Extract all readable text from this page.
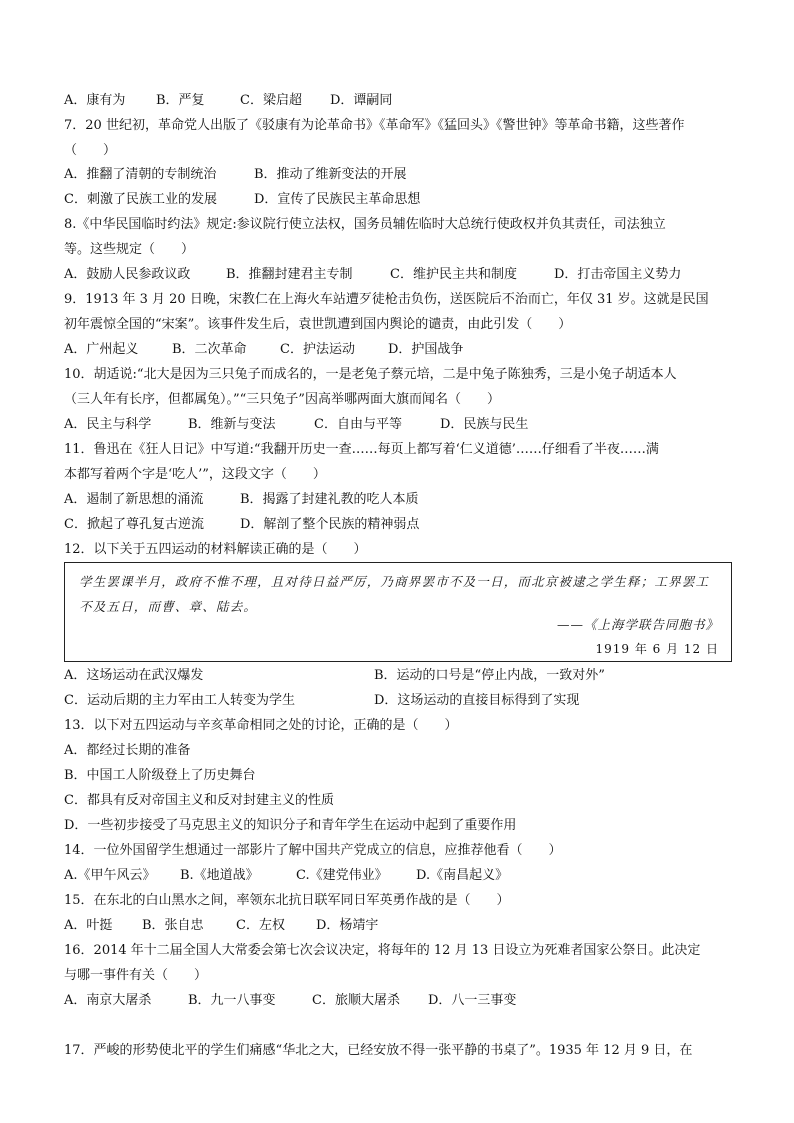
A．康有为 B．严复	C．梁启超 D．谭嗣同
7．20 世纪初，革命党人出版了《驳康有为论革命书》《革命军》《猛回头》《警世钟》等革命书籍，这些著作
（　　）
A．推翻了清朝的专制统治	B．推动了维新变法的开展
C．刺激了民族工业的发展	D．宣传了民族民主革命思想
8.《中华民国临时约法》规定:参议院行使立法权，国务员辅佐临时大总统行使政权并负其责任，司法独立
等。这些规定（　　）
A．鼓励人民参政议政	B．推翻封建君主专制	C．维护民主共和制度	D．打击帝国主义势力
9．1913 年 3 月 20 日晚，宋教仁在上海火车站遭歹徒枪击负伤，送医院后不治而亡，年仅 31 岁。这就是民国
初年震惊全国的“宋案”。该事件发生后，袁世凯遭到国内舆论的谴责，由此引发（　　）
A．广州起义	B．二次革命	C．护法运动	D．护国战争
10．胡适说:“北大是因为三只兔子而成名的，一是老兔子蔡元培，二是中兔子陈独秀，三是小兔子胡适本人
（三人年有长序，但都属兔）。”“三只兔子”因高举哪两面大旗而闻名（　　）
A．民主与科学	B．维新与变法	C．自由与平等	D．民族与民生
11．鲁迅在《狂人日记》中写道:“我翻开历史一查……每页上都写着‘仁义道德’……仔细看了半夜……满
本都写着两个字是‘吃人’”，这段文字（　　）
A．遏制了新思想的涌流	B．揭露了封建礼教的吃人本质
C．掀起了尊孔复古逆流	D．解剖了整个民族的精神弱点
12．以下关于五四运动的材料解读正确的是（　　）
学生罢课半月，政府不惟不理，且对待日益严厉，乃商界罢市不及一日，而北京被逮之学生释；工界罢工不及五日，而曹、章、陆去。
——《上海学联告同胞书》
1919 年 6 月 12 日
A．这场运动在武汉爆发	B．运动的口号是“停止内战，一致对外”
C．运动后期的主力军由工人转变为学生	D．这场运动的直接目标得到了实现
13．以下对五四运动与辛亥革命相同之处的讨论，正确的是（　　）
A．都经过长期的准备
B．中国工人阶级登上了历史舞台
C．都具有反对帝国主义和反对封建主义的性质
D．一些初步接受了马克思主义的知识分子和青年学生在运动中起到了重要作用
14．一位外国留学生想通过一部影片了解中国共产党成立的信息，应推荐他看（　　）
A.《甲午风云》 B.《地道战》	C.《建党伟业》 D.《南昌起义》
15．在东北的白山黑水之间，率领东北抗日联军同日军英勇作战的是（　　）
A．叶挺 B．张自忠 C．左权 D．杨靖宇
16．2014 年十二届全国人大常委会第七次会议决定，将每年的 12 月 13 日设立为死难者国家公祭日。此决定
与哪一事件有关（　　）
A．南京大屠杀	B．九一八事变	C．旅顺大屠杀 D．八一三事变
17．严峻的形势使北平的学生们痛感“华北之大，已经安放不得一张平静的书桌了”。1935 年 12 月 9 日，在
